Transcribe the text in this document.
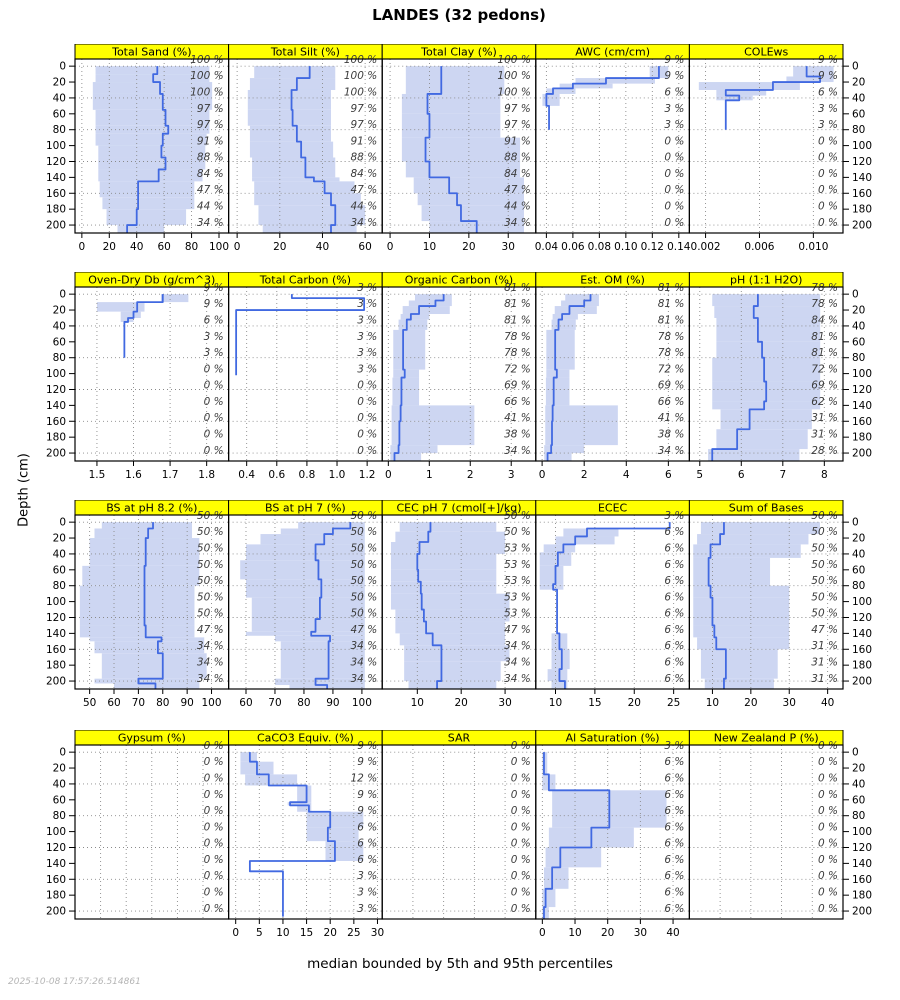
LANDES (32 pedons)
Depth (cm)
0
20
40
60
80
100
120
140
160
180
200
0
20
40
60
80
100
120
140
160
180
200
Total Sand (%)
100 %
100 %
100 %
97 %
97 %
91 %
88 %
84 %
47 %
44 %
34 %
0 20 40 60 80 100
Total Silt (%)
100 %
100 %
100 %
97 %
97 %
91 %
88 %
84 %
47 %
44 %
34 %
0	20	40	60
Total Clay (%)
100 %
100 %
100 %
97 %
97 %
91 %
88 %
84 %
47 %
44 %
34 %
0	10 20 30
AWC (cm/cm)
9 %
9 %
6 %
3 %
3 %
0 %
0 %
0 %
0 %
0 %
0 %
0.04 0.06 0.08 0.10 0.12 0.14
COLEws
9 %
9 %
6 %
3 %
3 %
0 %
0 %
0 %
0 %
0 %
0 %
0.002 0.006 0.010
0
20
40
60
80
100
120
140
160
180
200
0
20
40
60
80
100
120
140
160
180
200
Oven-Dry Db (g/cm^3)
9 %
9 %
6 %
3 %
3 %
0 %
0 %
0 %
0 %
0 %
0 %
1.5 1.6 1.7 1.8
Total Carbon (%)
3 %
3 %
3 %
3 %
3 %
3 %
0 %
0 %
0 %
0 %
0 %
0.4 0.6 0.8 1.0 1.2
Organic Carbon (%)
81 %
81 %
81 %
78 %
78 %
72 %
69 %
66 %
41 %
38 %
34 %
0	1	2	3
Est. OM (%)
81 %
81 %
81 %
78 %
78 %
72 %
69 %
66 %
41 %
38 %
34 %
0	2	4	6
pH (1:1 H2O)
78 %
78 %
84 %
81 %
81 %
72 %
69 %
62 %
31 %
31 %
28 %
5	6	7	8
0
20
40
60
80
100
120
140
160
180
200
0
20
40
60
80
100
120
140
160
180
200
BS at pH 8.2 (%)
50 %
50 %
50 %
50 %
50 %
50 %
50 %
47 %
34 %
34 %
34 %
50 60 70 80 90 100
BS at pH 7 (%)
50 %
50 %
50 %
50 %
50 %
50 %
50 %
47 %
34 %
34 %
34 %
60 70 80 90 100
CEC pH 7 (cmol[+]/kg)
50 %
50 %
53 %
53 %
53 %
53 %
53 %
47 %
34 %
34 %
34 %
10	20	30
ECEC
3 %
6 %
6 %
6 %
6 %
6 %
6 %
6 %
6 %
6 %
6 %
10 15 20 25
Sum of Bases
50 %
50 %
50 %
50 %
50 %
50 %
50 %
47 %
31 %
31 %
31 %
10 20 30 40
0
20
40
60
80
100
120
140
160
180
200
0
20
40
60
80
100
120
140
160
180
200
Gypsum (%)
0 %
0 %
0 %
0 %
0 %
0 %
0 %
0 %
0 %
0 %
0 %
CaCO3 Equiv. (%)
9 %
9 %
12 %
9 %
9 %
6 %
6 %
6 %
3 %
3 %
3 %
0 5 10 15 20 25 30
SAR
0 %
0 %
0 %
0 %
0 %
0 %
0 %
0 %
0 %
0 %
0 %
Al Saturation (%)
3 %
6 %
6 %
6 %
6 %
6 %
6 %
6 %
6 %
6 %
6 %
0 10 20 30 40
New Zealand P (%)
0 %
0 %
0 %
0 %
0 %
0 %
0 %
0 %
0 %
0 %
0 %
median bounded by 5th and 95th percentiles
2025-10-08 17:57:26.514861
